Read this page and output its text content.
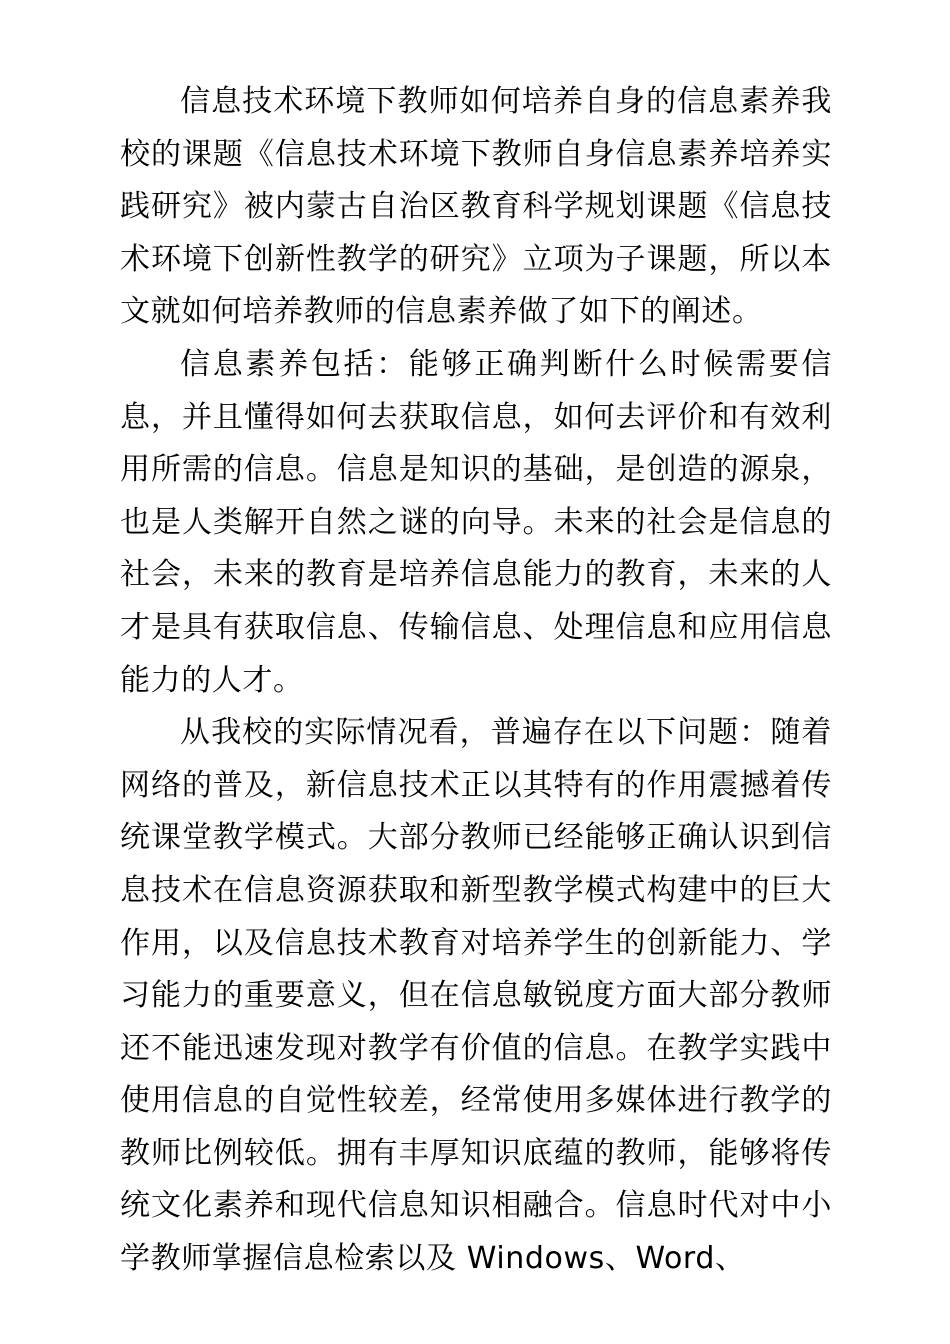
信息技术环境下教师如何培养自身的信息素养我校的课题《信息技术环境下教师自身信息素养培养实践研究》被内蒙古自治区教育科学规划课题《信息技术环境下创新性教学的研究》立项为子课题，所以本文就如何培养教师的信息素养做了如下的阐述。

信息素养包括：能够正确判断什么时候需要信息，并且懂得如何去获取信息，如何去评价和有效利用所需的信息。信息是知识的基础，是创造的源泉，也是人类解开自然之谜的向导。未来的社会是信息的社会，未来的教育是培养信息能力的教育，未来的人才是具有获取信息、传输信息、处理信息和应用信息能力的人才。

从我校的实际情况看，普遍存在以下问题：随着网络的普及，新信息技术正以其特有的作用震撼着传统课堂教学模式。大部分教师已经能够正确认识到信息技术在信息资源获取和新型教学模式构建中的巨大作用，以及信息技术教育对培养学生的创新能力、学习能力的重要意义，但在信息敏锐度方面大部分教师还不能迅速发现对教学有价值的信息。在教学实践中使用信息的自觉性较差，经常使用多媒体进行教学的教师比例较低。拥有丰厚知识底蕴的教师，能够将传统文化素养和现代信息知识相融合。信息时代对中小学教师掌握信息检索以及 Windows、Word、
